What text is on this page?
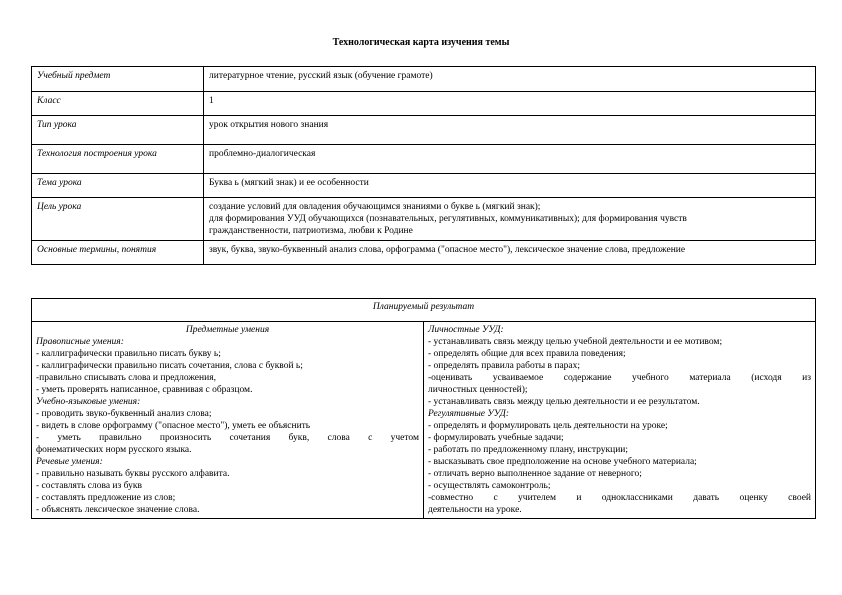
Технологическая карта изучения темы
Учебный предмет	литературное чтение, русский язык (обучение грамоте)
Класс	1
Тип урока	урок открытия нового знания
Технология построения урока	проблемно-диалогическая
Тема урока	Буква ь (мягкий знак) и ее особенности
Цель урока	создание условий для овладения обучающимся знаниями о букве ь (мягкий знак);
для формирования УУД обучающихся (познавательных, регулятивных, коммуникативных); для формирования чувств
гражданственности, патриотизма, любви к Родине

Основные термины, понятия	звук, буква, звуко-буквенный анализ слова, орфограмма ("опасное место"), лексическое значение слова, предложение
Планируемый результат

Предметные умения
Правописные умения:
- каллиграфически правильно писать букву ь;
- каллиграфически правильно писать сочетания, слова с буквой ь;
-правильно списывать слова и предложения,
- уметь проверять написанное, сравнивая с образцом.
Учебно-языковые умения:
- проводить звуко-буквенный анализ слова;
- видеть в слове орфограмму ("опасное место"), уметь ее объяснить
- уметь правильно произносить сочетания букв, слова с учетом
фонематических норм русского языка.
Речевые умения:
- правильно называть буквы русского алфавита.
- составлять слова из букв
- составлять предложение из слов;
- объяснять лексическое значение слова.

Личностные УУД:
- устанавливать связь между целью учебной деятельности и ее мотивом;
- определять общие для всех правила поведения;
- определять правила работы в парах;
-оценивать усваиваемое содержание учебного материала (исходя из
личностных ценностей);
- устанавливать связь между целью деятельности и ее результатом.
Регулятивные УУД:
- определять и формулировать цель деятельности на уроке;
- формулировать учебные задачи;
- работать по предложенному плану, инструкции;
- высказывать свое предположение на основе учебного материала;
- отличать верно выполненное задание от неверного;
- осуществлять самоконтроль;
-совместно с учителем и одноклассниками давать оценку своей
деятельности на уроке.
